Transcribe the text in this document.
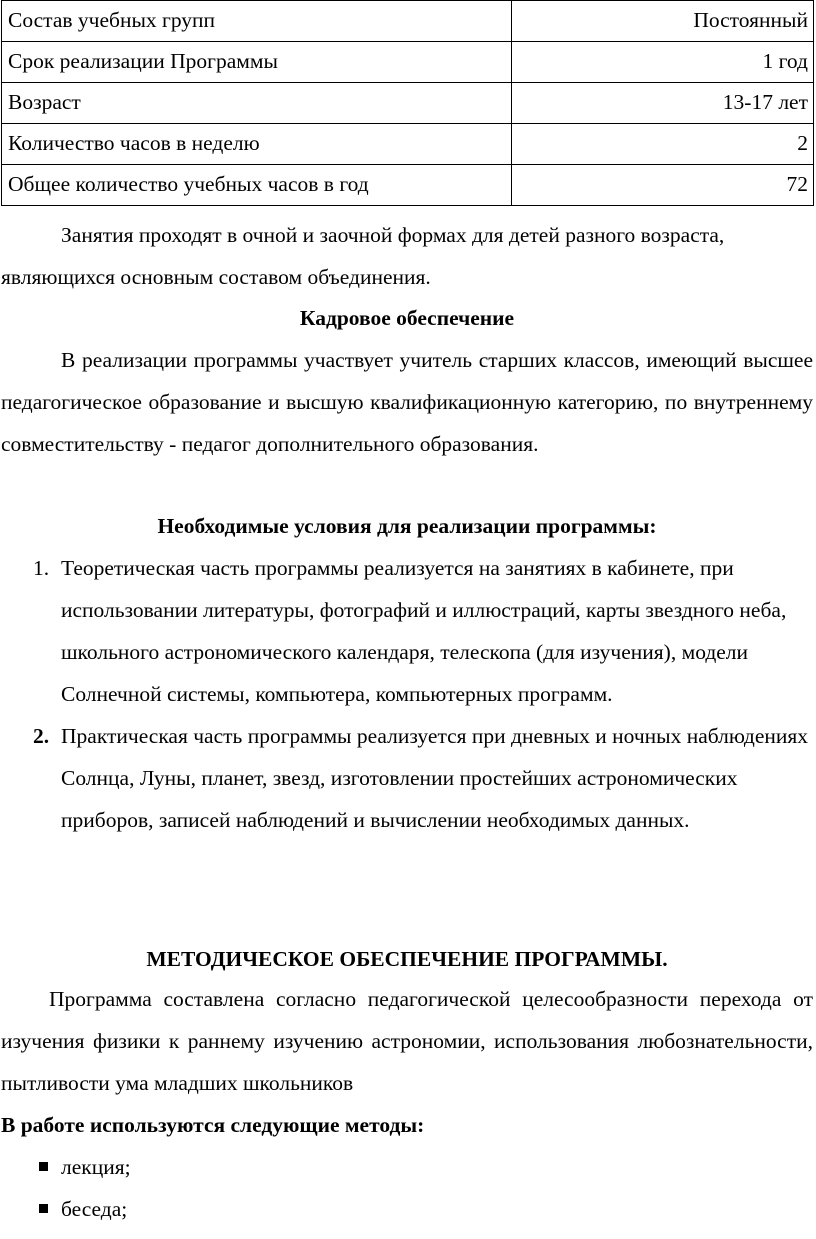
Состав учебных групп	Постоянный
Срок реализации Программы	1 год
Возраст	13-17 лет
Количество часов в неделю	2
Общее количество учебных часов в год	72

Занятия проходят в очной и заочной формах для детей разного возраста,

являющихся основным составом объединения.

Кадровое обеспечение

В реализации программы участвует учитель старших классов, имеющий высшее педагогическое образование и высшую квалификационную категорию, по внутреннему совместительству - педагог дополнительного образования.

Необходимые условия для реализации программы:

1. Теоретическая часть программы реализуется на занятиях в кабинете, при использовании литературы, фотографий и иллюстраций, карты звездного неба, школьного астрономического календаря, телескопа (для изучения), модели Солнечной системы, компьютера, компьютерных программ.
2. Практическая часть программы реализуется при дневных и ночных наблюдениях Солнца, Луны, планет, звезд, изготовлении простейших астрономических приборов, записей наблюдений и вычислении необходимых данных.

МЕТОДИЧЕСКОЕ ОБЕСПЕЧЕНИЕ ПРОГРАММЫ.

Программа составлена согласно педагогической целесообразности перехода от изучения физики к раннему изучению астрономии, использования любознательности, пытливости ума младших школьников

В работе используются следующие методы:

лекция;
беседа;
